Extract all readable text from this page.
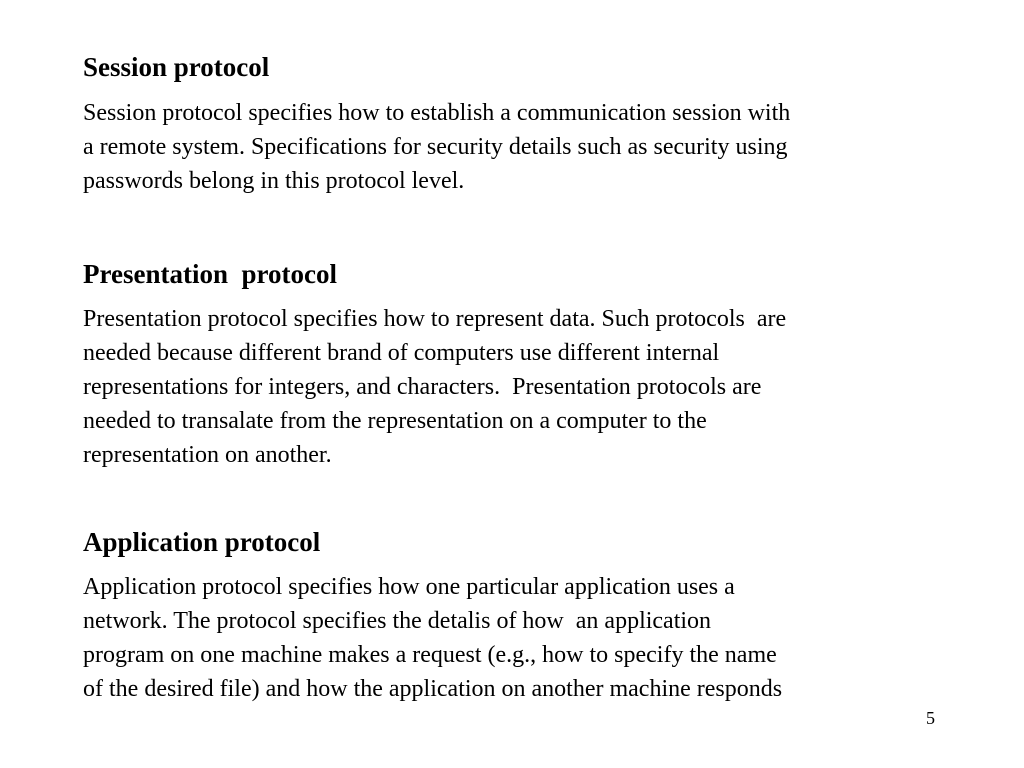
Session protocol
Session protocol specifies how to establish a communication session with
a remote system. Specifications for security details such as security using
passwords belong in this protocol level.
Presentation  protocol
Presentation protocol specifies how to represent data. Such protocols  are
needed because different brand of computers use different internal
representations for integers, and characters.  Presentation protocols are
needed to transalate from the representation on a computer to the
representation on another.
Application protocol
Application protocol specifies how one particular application uses a
network. The protocol specifies the detalis of how  an application
program on one machine makes a request (e.g., how to specify the name
of the desired file) and how the application on another machine responds
5
